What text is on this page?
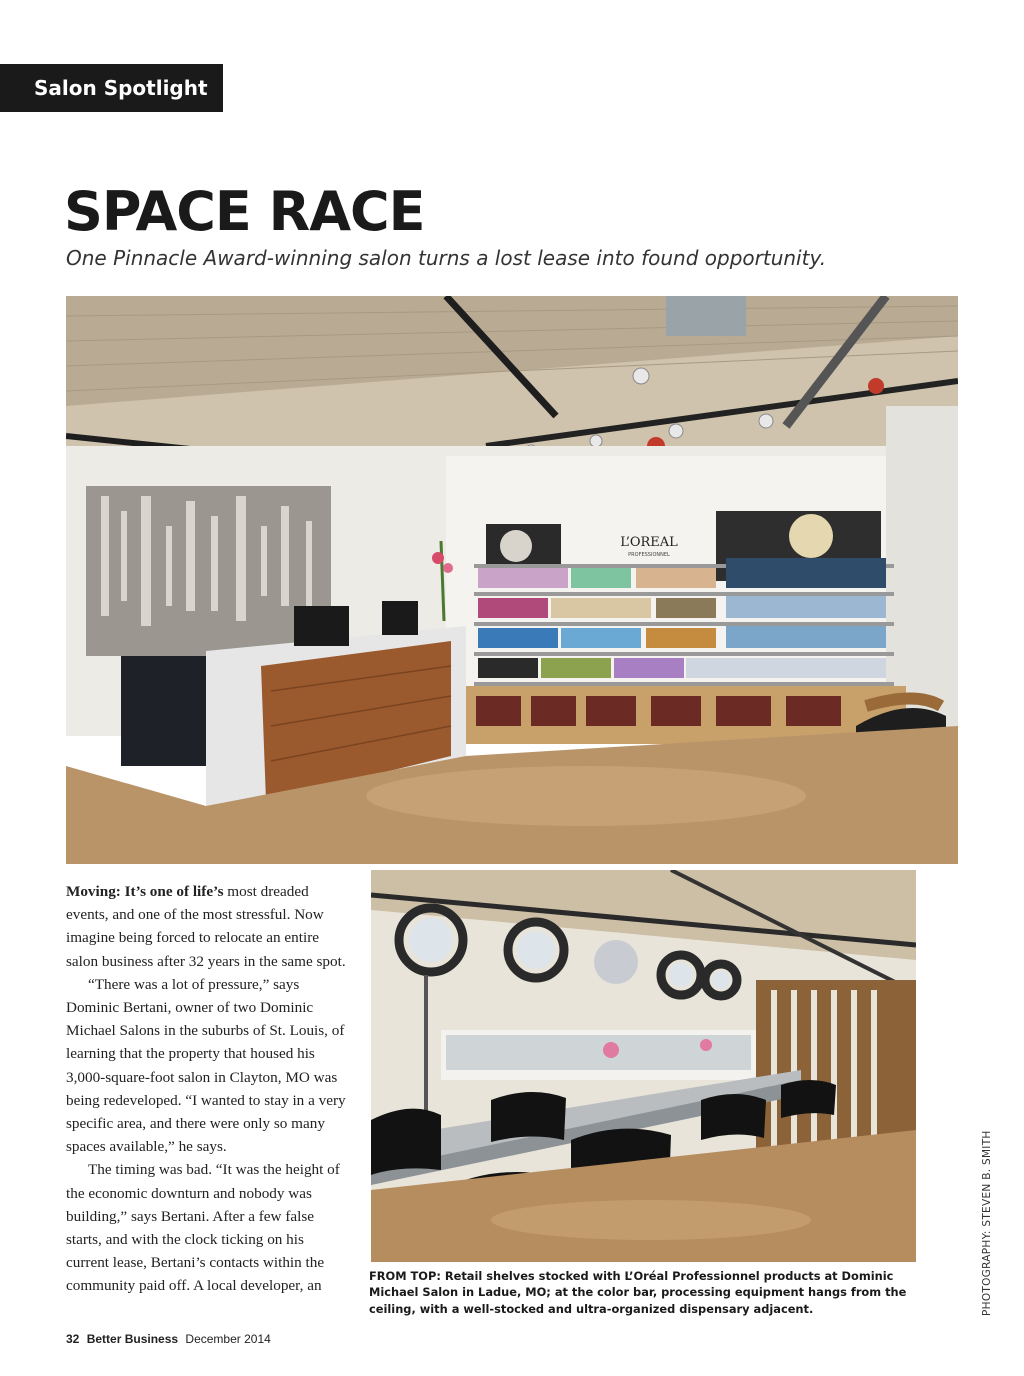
Salon Spotlight
SPACE RACE

One Pinnacle Award-winning salon turns a lost lease into found opportunity.

L’OREAL
PROFESSIONNEL

Moving: It’s one of life’s most dreaded events, and one of the most stressful. Now imagine being forced to relocate an entire salon business after 32 years in the same spot.

“There was a lot of pressure,” says Dominic Bertani, owner of two Dominic Michael Salons in the suburbs of St. Louis, of learning that the property that housed his 3,000-square-foot salon in Clayton, MO was being redeveloped. “I wanted to stay in a very specific area, and there were only so many spaces available,” he says.

The timing was bad. “It was the height of the economic downturn and nobody was building,” says Bertani. After a few false starts, and with the clock ticking on his current lease, Bertani’s contacts within the community paid off. A local developer, an

FROM TOP: Retail shelves stocked with L’Oréal Professionnel products at Dominic Michael Salon in Ladue, MO; at the color bar, processing equipment hangs from the ceiling, with a well-stocked and ultra-organized dispensary adjacent.	PHOTOGRAPHY: STEVEN B. SMITH
32 Better Business December 2014
